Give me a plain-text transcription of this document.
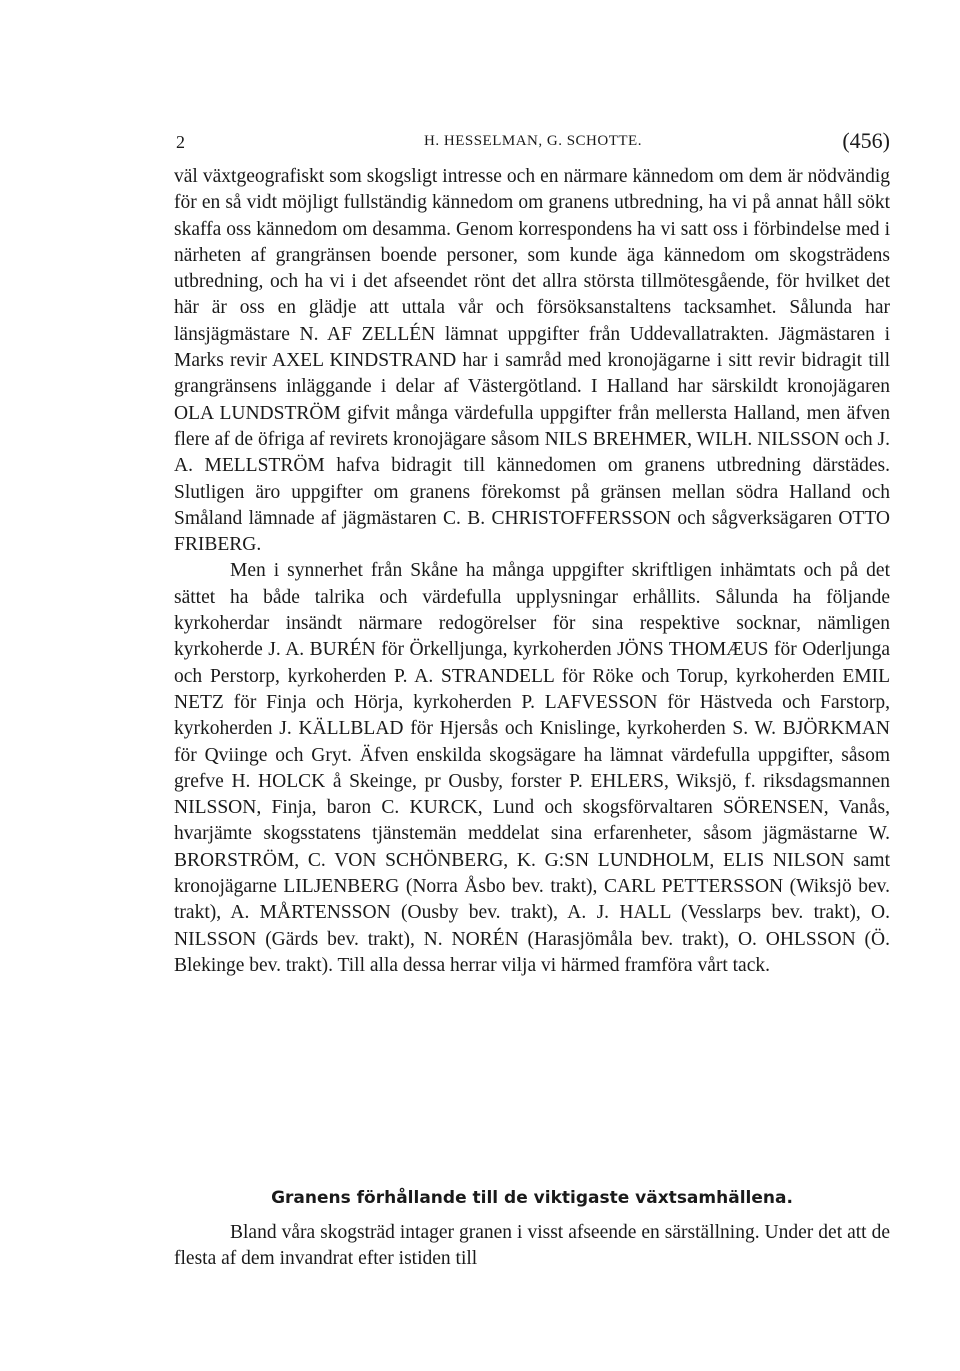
2	H. HESSELMAN, G. SCHOTTE.	(456)

väl växtgeografiskt som skogsligt intresse och en närmare kännedom om dem är nödvändig för en så vidt möjligt fullständig kännedom om granens utbredning, ha vi på annat håll sökt skaffa oss kännedom om desamma. Genom korrespondens ha vi satt oss i förbindelse med i närheten af grangränsen boende personer, som kunde äga kännedom om skogsträdens utbredning, och ha vi i det afseendet rönt det allra största tillmötesgående, för hvilket det här är oss en glädje att uttala vår och försöksanstaltens tacksamhet. Sålunda har länsjägmästare N. AF ZELLÉN lämnat uppgifter från Uddevallatrakten. Jägmästaren i Marks revir AXEL KINDSTRAND har i samråd med kronojägarne i sitt revir bidragit till grangränsens inläggande i delar af Västergötland. I Halland har särskildt kronojägaren OLA LUNDSTRÖM gifvit många värdefulla uppgifter från mellersta Halland, men äfven flere af de öfriga af revirets kronojägare såsom NILS BREHMER, WILH. NILSSON och J. A. MELLSTRÖM hafva bidragit till kännedomen om granens utbredning därstädes. Slutligen äro uppgifter om granens förekomst på gränsen mellan södra Halland och Småland lämnade af jägmästaren C. B. CHRISTOFFERSSON och sågverksägaren OTTO FRIBERG.

Men i synnerhet från Skåne ha många uppgifter skriftligen inhämtats och på det sättet ha både talrika och värdefulla upplysningar erhållits. Sålunda ha följande kyrkoherdar insändt närmare redogörelser för sina respektive socknar, nämligen kyrkoherde J. A. BURÉN för Örkelljunga, kyrkoherden JÖNS THOMÆUS för Oderljunga och Perstorp, kyrkoherden P. A. STRANDELL för Röke och Torup, kyrkoherden EMIL NETZ för Finja och Hörja, kyrkoherden P. LAFVESSON för Hästveda och Farstorp, kyrkoherden J. KÄLLBLAD för Hjersås och Knislinge, kyrkoherden S. W. BJÖRKMAN för Qviinge och Gryt. Äfven enskilda skogsägare ha lämnat värdefulla uppgifter, såsom grefve H. HOLCK å Skeinge, pr Ousby, forster P. EHLERS, Wiksjö, f. riksdagsmannen NILSSON, Finja, baron C. KURCK, Lund och skogsförvaltaren SÖRENSEN, Vanås, hvarjämte skogsstatens tjänstemän meddelat sina erfarenheter, såsom jägmästarne W. BRORSTRÖM, C. VON SCHÖNBERG, K. G:SN LUNDHOLM, ELIS NILSON samt kronojägarne LILJENBERG (Norra Åsbo bev. trakt), CARL PETTERSSON (Wiksjö bev. trakt), A. MÅRTENSSON (Ousby bev. trakt), A. J. HALL (Vesslarps bev. trakt), O. NILSSON (Gärds bev. trakt), N. NORÉN (Harasjömåla bev. trakt), O. OHLSSON (Ö. Blekinge bev. trakt). Till alla dessa herrar vilja vi härmed framföra vårt tack.

Granens förhållande till de viktigaste växtsamhällena.

Bland våra skogsträd intager granen i visst afseende en särställning. Under det att de flesta af dem invandrat efter istiden till
